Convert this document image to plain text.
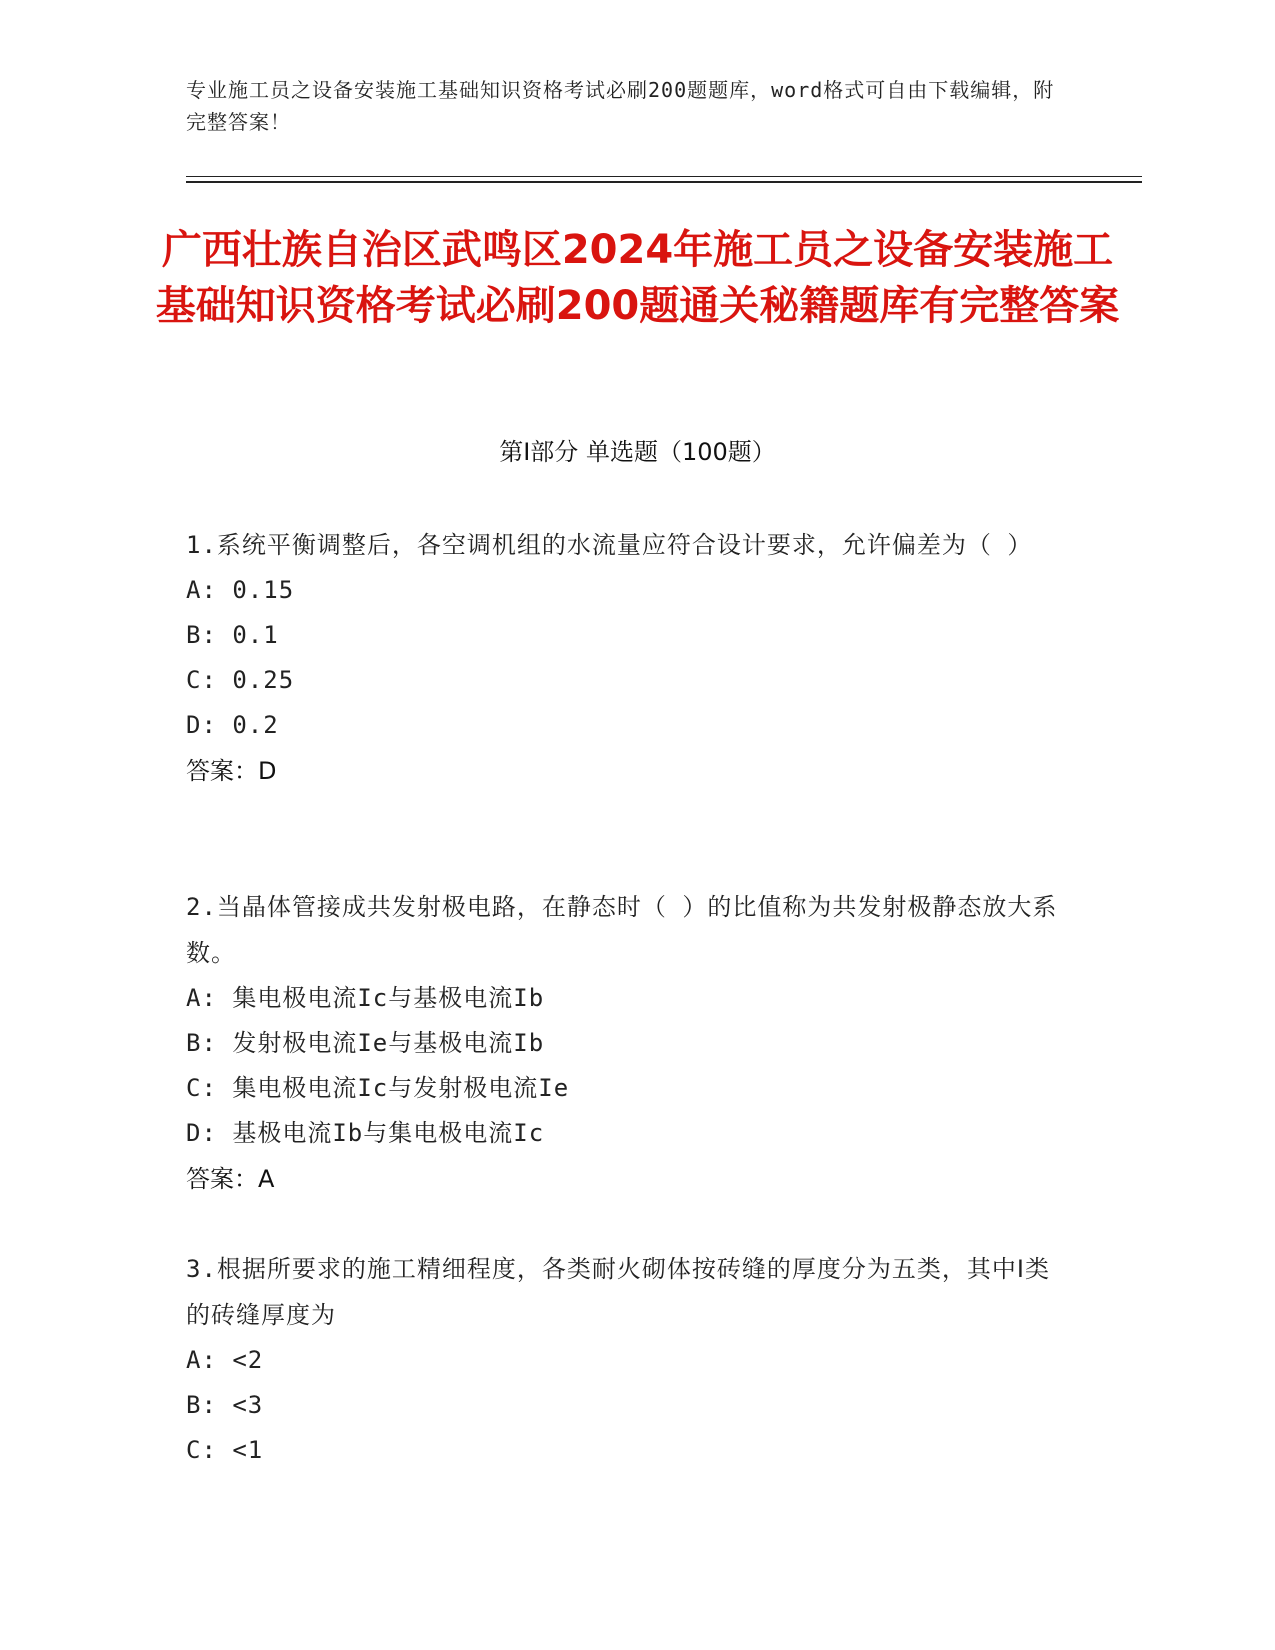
专业施工员之设备安装施工基础知识资格考试必刷200题题库，word格式可自由下载编辑，附完整答案！
广西壮族自治区武鸣区2024年施工员之设备安装施工基础知识资格考试必刷200题通关秘籍题库有完整答案
第Ⅰ部分 单选题（100题）
1.系统平衡调整后，各空调机组的水流量应符合设计要求，允许偏差为（ ）
A: 0.15
B: 0.1
C: 0.25
D: 0.2
答案：D
2.当晶体管接成共发射极电路，在静态时（ ）的比值称为共发射极静态放大系数。
A: 集电极电流Ic与基极电流Ib
B: 发射极电流Ie与基极电流Ib
C: 集电极电流Ic与发射极电流Ie
D: 基极电流Ib与集电极电流Ic
答案：A
3.根据所要求的施工精细程度，各类耐火砌体按砖缝的厚度分为五类，其中Ⅰ类的砖缝厚度为
A: <2
B: <3
C: <1
